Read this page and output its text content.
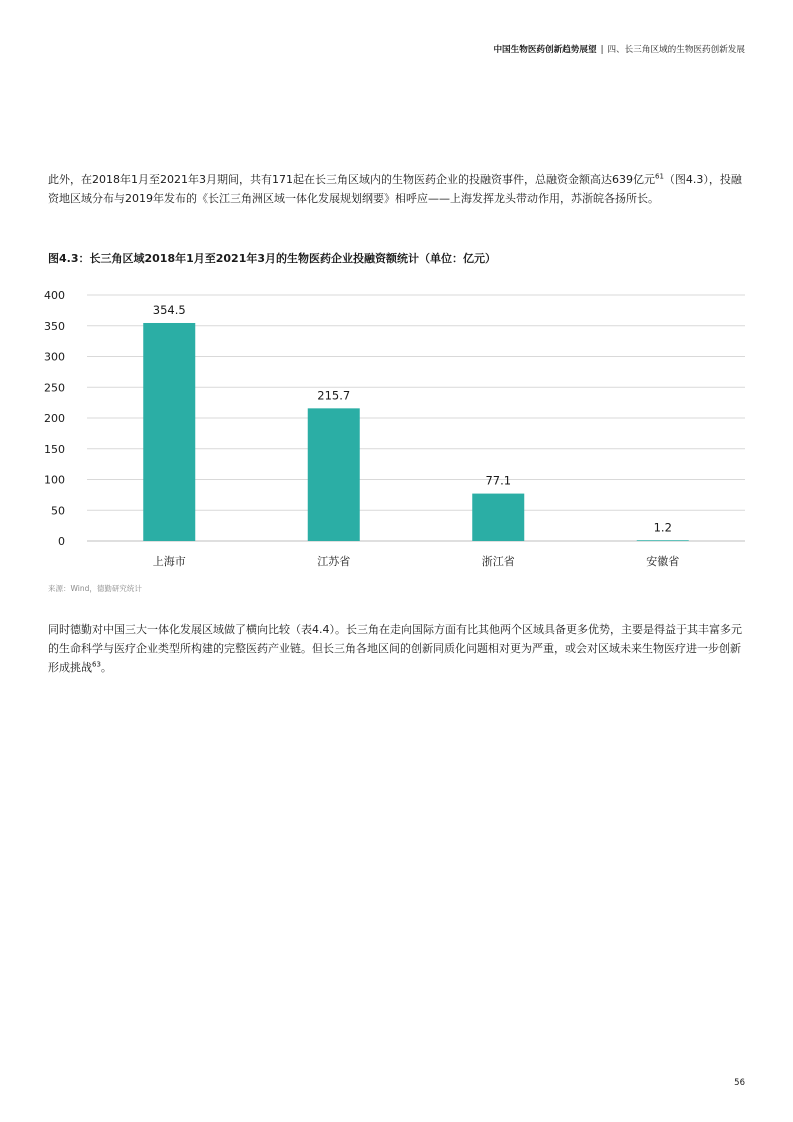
中国生物医药创新趋势展望 | 四、长三角区域的生物医药创新发展
此外，在2018年1月至2021年3月期间，共有171起在长三角区域内的生物医药企业的投融资事件，总融资金额高达639亿元$^{61}$（图4.3），投融资地区域分布与2019年发布的《长江三角洲区域一体化发展规划纲要》相呼应——上海发挥龙头带动作用，苏浙皖各扬所长。
图4.3：长三角区域2018年1月至2021年3月的生物医药企业投融资额统计（单位：亿元）
0
50
100
150
200
250
300
350
400
354.5
215.7
77.1
1.2
上海市	江苏省	浙江省	安徽省
来源：Wind，德勤研究统计
同时德勤对中国三大一体化发展区域做了横向比较（表4.4）。长三角在走向国际方面有比其他两个区域具备更多优势，主要是得益于其丰富多元的生命科学与医疗企业类型所构建的完整医药产业链。但长三角各地区间的创新同质化问题相对更为严重，或会对区域未来生物医疗进一步创新形成挑战$^{63}$。
56
